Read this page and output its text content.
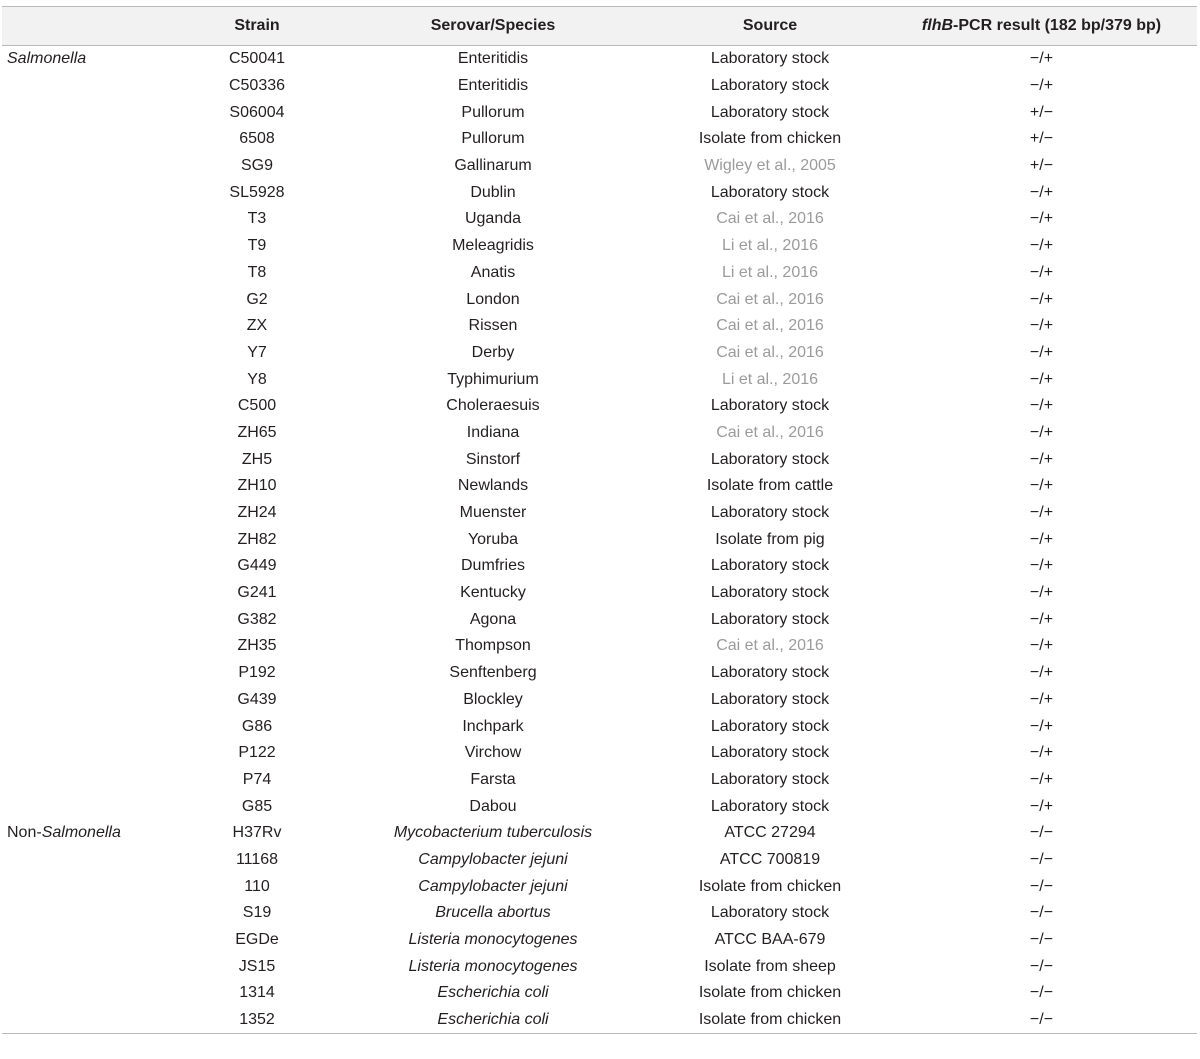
	Strain	Serovar/Species	Source	flhB-PCR result (182 bp/379 bp)
Salmonella	C50041	Enteritidis	Laboratory stock	−/+
	C50336	Enteritidis	Laboratory stock	−/+
	S06004	Pullorum	Laboratory stock	+/−
	6508	Pullorum	Isolate from chicken	+/−
	SG9	Gallinarum	Wigley et al., 2005	+/−
	SL5928	Dublin	Laboratory stock	−/+
	T3	Uganda	Cai et al., 2016	−/+
	T9	Meleagridis	Li et al., 2016	−/+
	T8	Anatis	Li et al., 2016	−/+
	G2	London	Cai et al., 2016	−/+
	ZX	Rissen	Cai et al., 2016	−/+
	Y7	Derby	Cai et al., 2016	−/+
	Y8	Typhimurium	Li et al., 2016	−/+
	C500	Choleraesuis	Laboratory stock	−/+
	ZH65	Indiana	Cai et al., 2016	−/+
	ZH5	Sinstorf	Laboratory stock	−/+
	ZH10	Newlands	Isolate from cattle	−/+
	ZH24	Muenster	Laboratory stock	−/+
	ZH82	Yoruba	Isolate from pig	−/+
	G449	Dumfries	Laboratory stock	−/+
	G241	Kentucky	Laboratory stock	−/+
	G382	Agona	Laboratory stock	−/+
	ZH35	Thompson	Cai et al., 2016	−/+
	P192	Senftenberg	Laboratory stock	−/+
	G439	Blockley	Laboratory stock	−/+
	G86	Inchpark	Laboratory stock	−/+
	P122	Virchow	Laboratory stock	−/+
	P74	Farsta	Laboratory stock	−/+
	G85	Dabou	Laboratory stock	−/+
Non-Salmonella	H37Rv	Mycobacterium tuberculosis	ATCC 27294	−/−
	11168	Campylobacter jejuni	ATCC 700819	−/−
	110	Campylobacter jejuni	Isolate from chicken	−/−
	S19	Brucella abortus	Laboratory stock	−/−
	EGDe	Listeria monocytogenes	ATCC BAA-679	−/−
	JS15	Listeria monocytogenes	Isolate from sheep	−/−
	1314	Escherichia coli	Isolate from chicken	−/−
	1352	Escherichia coli	Isolate from chicken	−/−
